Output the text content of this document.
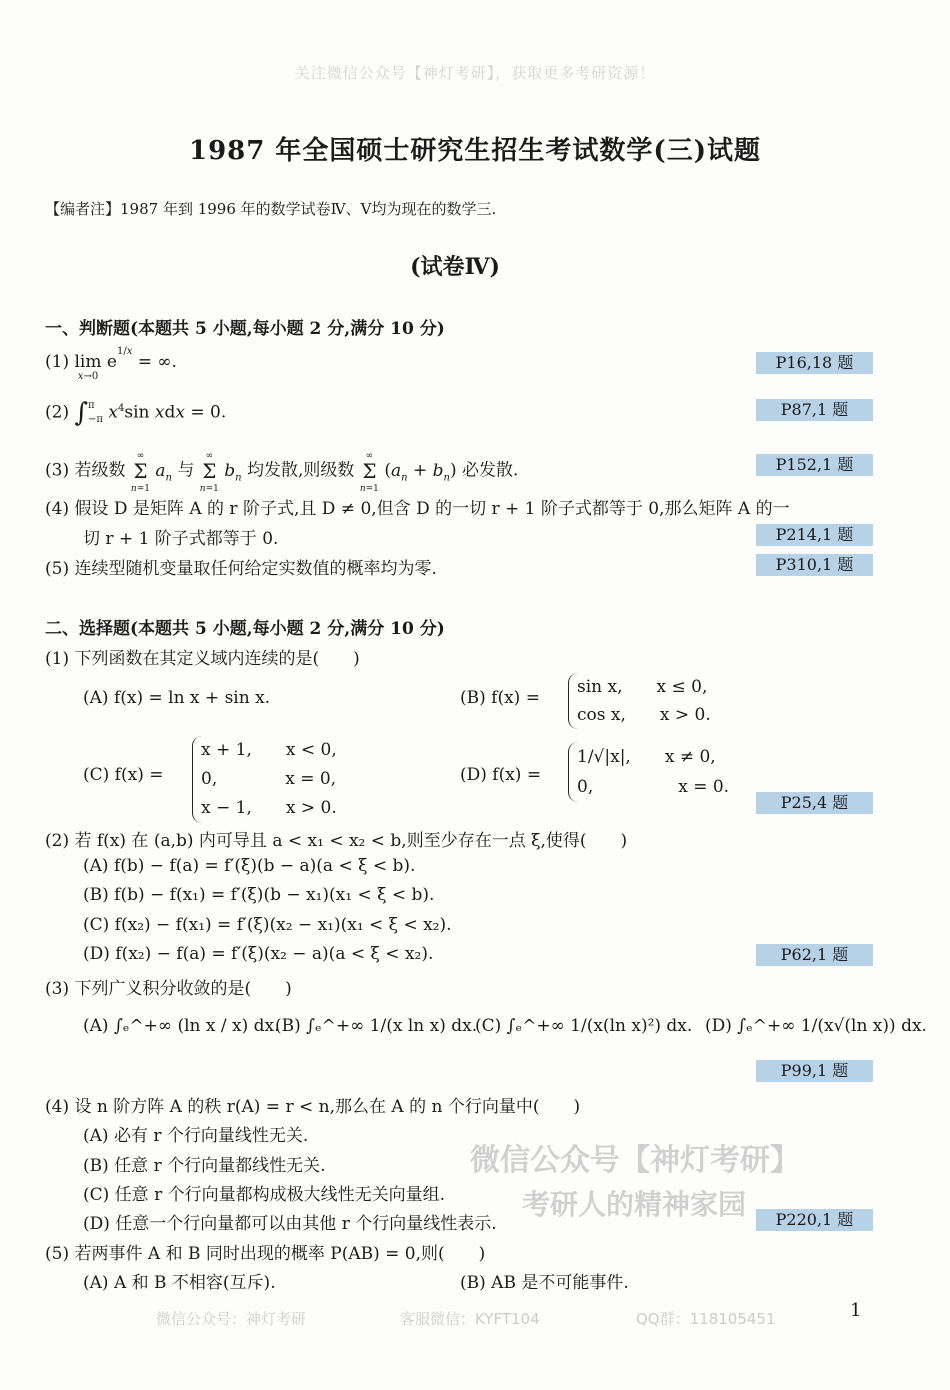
关注微信公众号【神灯考研】，获取更多考研资源！
1987 年全国硕士研究生招生考试数学(三)试题
【编者注】1987 年到 1996 年的数学试卷Ⅳ、Ⅴ均为现在的数学三.
(试卷Ⅳ)
一、判断题(本题共 5 小题,每小题 2 分,满分 10 分)
(1) lim
$^{x\to 0}$ $e^{1/x}$ = ∞.	P16,18 题
(2) ∫π
−π $x^4\sin$ xdx = 0.	P87,1 题
(3) 若级数 ∞
Σ
n=1 $a_n$ 与 ∞
Σ
n=1 $b_n$ 均发散,则级数 ∞
Σ
n=1 $(a_n + b_n)$ 必发散.	P152,1 题
(4) 假设 D 是矩阵 A 的 r 阶子式,且 D ≠ 0,但含 D 的一切 r + 1 阶子式都等于 0,那么矩阵 A 的一
切 r + 1 阶子式都等于 0.	P214,1 题
(5) 连续型随机变量取任何给定实数值的概率均为零.	P310,1 题
二、选择题(本题共 5 小题,每小题 2 分,满分 10 分)
(1) 下列函数在其定义域内连续的是(　　)
(A) f(x) = ln x + sin x.	(B) f(x) =
sin x,　　x ≤ 0,
cos x,　　x > 0.
(C) f(x) =
x + 1,　　x < 0,
0,　　　　x = 0,
x − 1,　　x > 0.
(D) f(x) =
1/√|x|,　　x ≠ 0,
0,　　　　　x = 0.
P25,4 题
(2) 若 f(x) 在 (a,b) 内可导且 a < x₁ < x₂ < b,则至少存在一点 ξ,使得(　　)
(A) f(b) − f(a) = f′(ξ)(b − a)(a < ξ < b).
(B) f(b) − f(x₁) = f′(ξ)(b − x₁)(x₁ < ξ < b).
(C) f(x₂) − f(x₁) = f′(ξ)(x₂ − x₁)(x₁ < ξ < x₂).
(D) f(x₂) − f(a) = f′(ξ)(x₂ − a)(a < ξ < x₂).	P62,1 题
(3) 下列广义积分收敛的是(　　)
(A) ∫ₑ^+∞ (ln x / x) dx.
(B) ∫ₑ^+∞ 1/(x ln x) dx.
(C) ∫ₑ^+∞ 1/(x(ln x)²) dx. (D) ∫ₑ^+∞ 1/(x√(ln x)) dx.
P99,1 题
(4) 设 n 阶方阵 A 的秩 r(A) = r < n,那么在 A 的 n 个行向量中(　　)
(A) 必有 r 个行向量线性无关.
(B) 任意 r 个行向量都线性无关.
(C) 任意 r 个行向量都构成极大线性无关向量组.
(D) 任意一个行向量都可以由其他 r 个行向量线性表示.	P220,1 题
(5) 若两事件 A 和 B 同时出现的概率 P(AB) = 0,则(　　)
(A) A 和 B 不相容(互斥).	(B) AB 是不可能事件.
微信公众号【神灯考研】
考研人的精神家园
微信公众号：神灯考研	客服微信：KYFT104	QQ群：118105451	1
